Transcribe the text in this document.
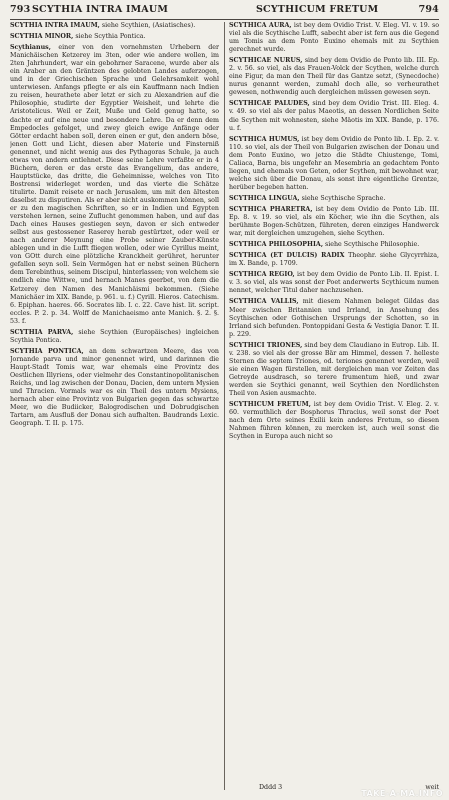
793 SCYTHIA INTRA IMAUM	SCYTHICUM FRETUM	794

SCYTHIA INTRA IMAUM, siehe Scythien, (Asiatisches).

SCYTHIA MINOR, siehe Scythia Pontica.

Scythianus, einer von den vornehmsten Urhebern der Manichäischen Ketzerey im 3ten, oder wie andere wollen, im 2ten Jahrhundert, war ein gebohrner Saracene, wurde aber als ein Araber an den Gräntzen des gelobten Landes auferzogen, und in der Griechischen Sprache und Gelehrsamkeit wohl unterwiesen. Anfangs pflegte er als ein Kauffmann nach Indien zu reisen, heurathete aber letzt er sich zu Alexandrien auf die Philosophie, studirte der Egyptier Weisheit, und lehrte die Aristotelicus. Weil er Zeit, Muße und Geld genug hatte, so dachte er auf eine neue und besondere Lehre. Da er denn dem Empedocles gefolget, und zwey gleich ewige Anfänge oder Götter erdacht haben soll, deren einen er gut, den andern böse, jenen Gott und Licht, diesen aber Materie und Finsterniß genennet, und nicht wenig aus des Pythagoras Schule, ja auch etwas von andern entlehnet. Diese seine Lehre verfaßte er in 4 Büchern, deren er das erste das Evangelium, das andere, Hauptstücke, das dritte, die Geheimnisse, welches von Tito Bostrensi widerleget worden, und das vierte die Schätze titulirte. Damit reisete er nach Jerusalem, um mit den ältesten daselbst zu disputiren. Als er aber nicht auskommen können, soll er zu den magischen Schriften, so er in Indien und Egypten verstehen lernen, seine Zuflucht genommen haben, und auf das Dach eines Hauses gestiegen seyn, davon er sich entweder selbst aus gestossener Raserey herab gestürtzet, oder weil er nach anderer Meynung eine Probe seiner Zauber-Künste ablegen und in die Lufft fliegen wollen, oder wie Cyrillus meint, von GOtt durch eine plötzliche Kranckheit gerühret, herunter gefallen seyn soll. Sein Vermögen hat er nebst seinen Büchern dem Terebinthus, seinem Discipul, hinterlassen; von welchem sie endlich eine Wittwe, und hernach Manes geerbet, von dem die Ketzerey den Namen des Manichäismi bekommen. (Siehe Manichäer im XIX. Bande, p. 961. u. f.) Cyrill. Hieros. Catechism. 6. Epiphan. haeres. 66. Socrates lib. I. c. 22. Cave hist. lit. script. eccles. P. 2. p. 34. Wolff de Manichaeismo ante Manich. §. 2. §. 53. f.

SCYTHIA PARVA, siehe Scythien (Europäisches) ingleichen Scythia Pontica.

SCYTHIA PONTICA, an dem schwartzen Meere, das von Jornande parva und minor genennet wird, und darinnen die Haupt-Stadt Tomis war, war ehemals eine Provintz des Oestlichen Illyriens, oder vielmehr des Constantinopolitanischen Reichs, und lag zwischen der Donau, Dacien, dem untern Mysien und Thracien. Vormals war es ein Theil des untern Mysiens, hernach aber eine Provintz von Bulgarien gegen das schwartze Meer, wo die Budiicker, Balogrodischen und Dobrudgischen Tartarn, am Ausfluß der Donau sich aufhalten. Baudrands Lexic. Geograph. T. II. p. 175.

SCYTHICA AURA, ist bey dem Ovidio Trist. V. Eleg. VI. v. 19. so viel als die Scythische Lufft, sabecht aber ist fern aus die Gegend um Tomis an dem Ponto Euxino ehemals mit zu Scythien gerechnet wurde.

SCYTHICAE NURUS, sind bey dem Ovidio de Ponto lib. III. Ep. 2. v. 56. so viel, als das Frauen-Volck der Scythen, welche durch eine Figur, da man den Theil für das Gantze setzt, (Synecdoche) nurus genannt werden, zumahl doch alle, so verheurathet gewesen, nothwendig auch dergleichen müssen gewesen seyn.

SCYTHICAE PALUDES, sind bey dem Ovidio Trist. III. Eleg. 4. v. 49. so viel als der palus Maeotis, an dessen Nordlichen Seite die Scythen mit wohnesten, siehe Mäotis im XIX. Bande, p. 176. u. f.

SCYTHICA HUMUS, ist bey dem Ovidio de Ponto lib. I. Ep. 2. v. 110. so viel, als der Theil von Bulgarien zwischen der Donau und dem Ponto Euxino, wo jetzo die Städte Chiustenge, Tomi, Caliaca, Barna, bis ungefehr an Mesembria an gedachtem Ponto liegen, und ehemals von Geten, oder Scythen, mit bewohnet war, welche sich über die Donau, als sonst ihre eigentliche Grentze, herüber begeben hatten.

SCYTHICA LINGUA, siehe Scythische Sprache.

SCYTHICA PHARETRA, ist bey dem Ovidio de Ponto Lib. III. Ep. 8. v. 19. so viel, als ein Köcher, wie ihn die Scythen, als berühmte Bogen-Schützen, führeten, deren einziges Handwerck war, mit dergleichen umzugehen, siehe Scythen.

SCYTHICA PHILOSOPHIA, siehe Scythische Philosophie.

SCYTHICA (ET DULCIS) RADIX Theophr. siehe Glycyrrhiza, im X. Bande, p. 1709.

SCYTHICA REGIO, ist bey dem Ovidio de Ponto Lib. II. Epist. I. v. 3. so viel, als was sonst der Poet anderwerts Scythicum numen nennet, welcher Titul daher nachzusehen.

SCYTHICA VALLIS, mit diesem Nahmen beleget Gildas das Meer zwischen Britannien und Irrland, in Ansehung des Scythischen oder Gothischen Ursprungs der Schotten, so in Irrland sich befunden. Pontoppidani Gesta & Vestigia Danor. T. II. p. 229.

SCYTHICI TRIONES, sind bey dem Claudiano in Eutrop. Lib. II. v. 238. so viel als der grosse Bär am Himmel, dessen 7. helleste Sternen die septem Triones, od. teriones genennet werden, weil sie einen Wagen fürstellen, mit dergleichen man vor Zeiten das Getreyde ausdrasch, so terere frumentum hieß, und zwar werden sie Scythici genannt, weil Scythien den Nordlichsten Theil von Asien ausmachte.

SCYTHICUM FRETUM, ist bey dem Ovidio Trist. V. Eleg. 2. v. 60. vermuthlich der Bosphorus Thracius, weil sonst der Poet nach dem Orte seines Exilii kein anderes Fretum, so diesen Nahmen führen können, zu mercken ist, auch weil sonst die Scythen in Europa auch nicht so

Dddd 3	weit
TAKE-A-MA.INFO
